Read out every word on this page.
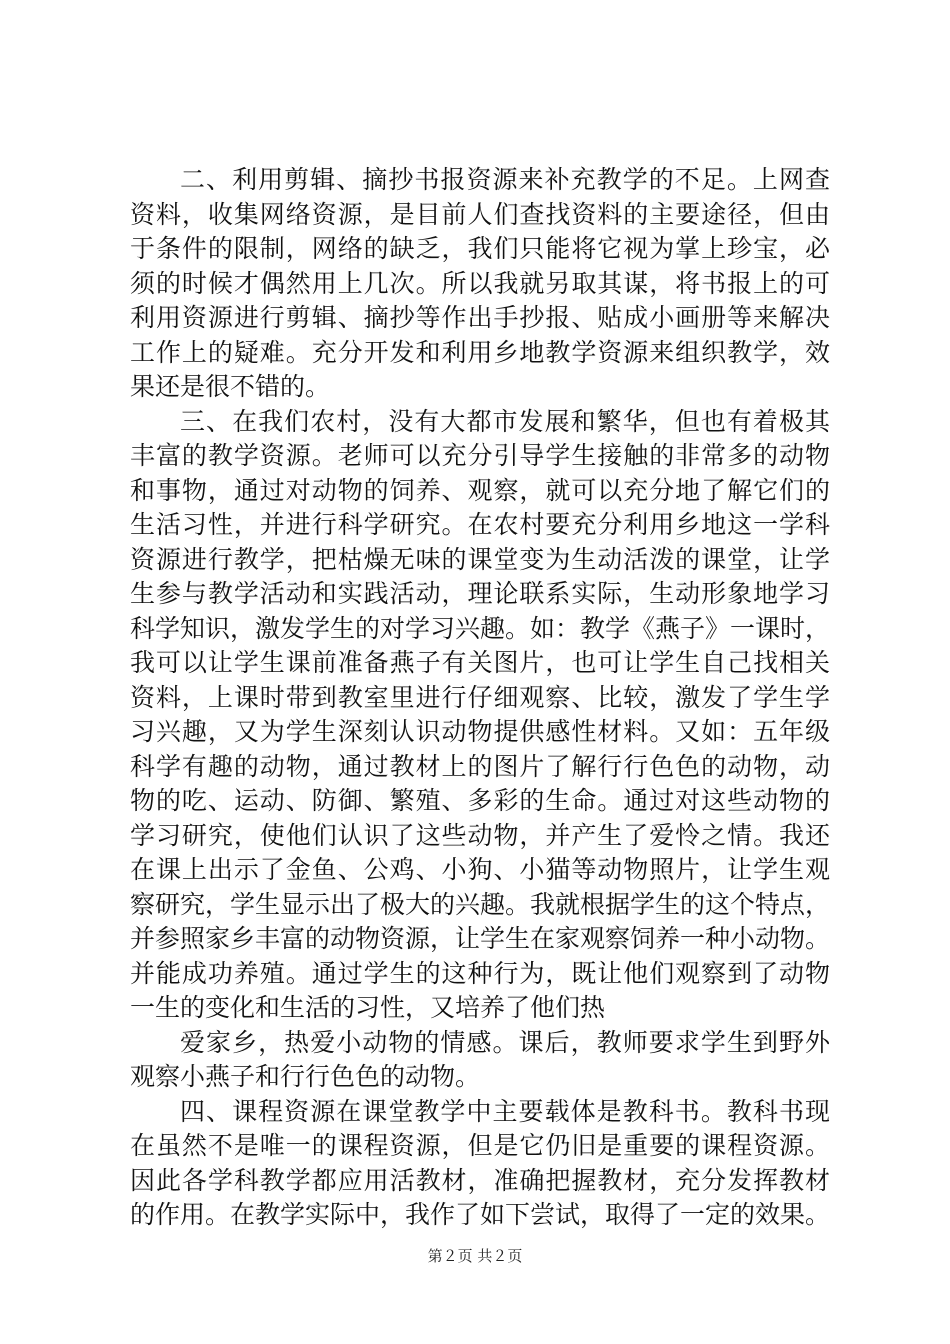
二、利用剪辑、摘抄书报资源来补充教学的不足。上网查
资料，收集网络资源，是目前人们查找资料的主要途径，但由
于条件的限制，网络的缺乏，我们只能将它视为掌上珍宝，必
须的时候才偶然用上几次。所以我就另取其谋，将书报上的可
利用资源进行剪辑、摘抄等作出手抄报、贴成小画册等来解决
工作上的疑难。充分开发和利用乡地教学资源来组织教学，效
果还是很不错的。
三、在我们农村，没有大都市发展和繁华，但也有着极其
丰富的教学资源。老师可以充分引导学生接触的非常多的动物
和事物，通过对动物的饲养、观察，就可以充分地了解它们的
生活习性，并进行科学研究。在农村要充分利用乡地这一学科
资源进行教学，把枯燥无味的课堂变为生动活泼的课堂，让学
生参与教学活动和实践活动，理论联系实际，生动形象地学习
科学知识，激发学生的对学习兴趣。如：教学《燕子》一课时，
我可以让学生课前准备燕子有关图片，也可让学生自己找相关
资料，上课时带到教室里进行仔细观察、比较，激发了学生学
习兴趣，又为学生深刻认识动物提供感性材料。又如：五年级
科学有趣的动物，通过教材上的图片了解行行色色的动物，动
物的吃、运动、防御、繁殖、多彩的生命。通过对这些动物的
学习研究，使他们认识了这些动物，并产生了爱怜之情。我还
在课上出示了金鱼、公鸡、小狗、小猫等动物照片，让学生观
察研究，学生显示出了极大的兴趣。我就根据学生的这个特点，
并参照家乡丰富的动物资源，让学生在家观察饲养一种小动物。
并能成功养殖。通过学生的这种行为，既让他们观察到了动物
一生的变化和生活的习性，又培养了他们热
爱家乡，热爱小动物的情感。课后，教师要求学生到野外
观察小燕子和行行色色的动物。
四、课程资源在课堂教学中主要载体是教科书。教科书现
在虽然不是唯一的课程资源，但是它仍旧是重要的课程资源。
因此各学科教学都应用活教材，准确把握教材，充分发挥教材
的作用。在教学实际中，我作了如下尝试，取得了一定的效果。
第２页 共２页
